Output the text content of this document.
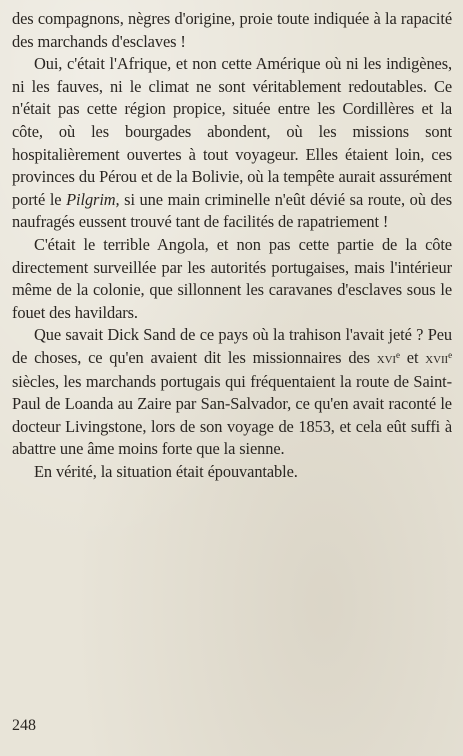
des compagnons, nègres d'origine, proie toute indiquée à la rapacité des marchands d'esclaves !

Oui, c'était l'Afrique, et non cette Amérique où ni les indigènes, ni les fauves, ni le climat ne sont véritablement redoutables. Ce n'était pas cette région propice, située entre les Cordillères et la côte, où les bourgades abondent, où les missions sont hospitalièrement ouvertes à tout voyageur. Elles étaient loin, ces provinces du Pérou et de la Bolivie, où la tempête aurait assurément porté le Pilgrim, si une main criminelle n'eût dévié sa route, où des naufragés eussent trouvé tant de facilités de rapatriement !

C'était le terrible Angola, et non pas cette partie de la côte directement surveillée par les autorités portugaises, mais l'intérieur même de la colonie, que sillonnent les caravanes d'esclaves sous le fouet des havildars.

Que savait Dick Sand de ce pays où la trahison l'avait jeté ? Peu de choses, ce qu'en avaient dit les missionnaires des xvi$^e$ et xvii$^e$ siècles, les marchands portugais qui fréquentaient la route de Saint-Paul de Loanda au Zaire par San-Salvador, ce qu'en avait raconté le docteur Livingstone, lors de son voyage de 1853, et cela eût suffi à abattre une âme moins forte que la sienne.

En vérité, la situation était épouvantable.

248
